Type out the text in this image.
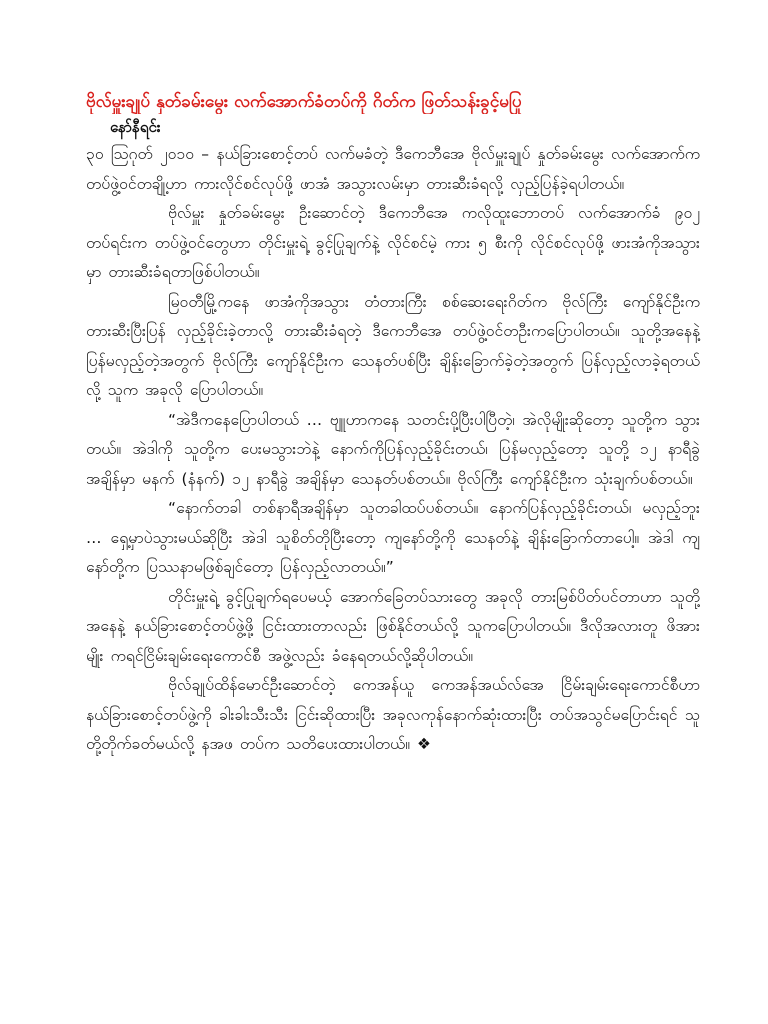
ဗိုလ်မှူးချုပ် နှတ်ခမ်းမွေး လက်အောက်ခံတပ်ကို ဂိတ်က ဖြတ်သန်းခွင့်မပြု
နော်နီရင်း

၃၀ ဩဂုတ် ၂၀၁၀ – နယ်ခြားစောင့်တပ် လက်မခံတဲ့ ဒီကေဘီအေ ဗိုလ်မှူးချုပ် နှုတ်ခမ်းမွေး လက်အောက်က တပ်ဖွဲ့ဝင်တချို့ဟာ ကားလိုင်စင်လုပ်ဖို့ ဖာအံ အသွားလမ်းမှာ တားဆီးခံရလို့ လှည့်ပြန်ခဲ့ရပါတယ်။

ဗိုလ်မှူး နှုတ်ခမ်းမွေး ဦးဆောင်တဲ့ ဒီကေဘီအေ ကလိုထူးဘောတပ် လက်အောက်ခံ ၉၀၂ တပ်ရင်းက တပ်ဖွဲ့ဝင်တွေဟာ တိုင်းမှူးရဲ့ ခွင့်ပြုချက်နဲ့ လိုင်စင်မဲ့ ကား ၅ စီးကို လိုင်စင်လုပ်ဖို့ ဖားအံကိုအသွားမှာ တားဆီးခံရတာဖြစ်ပါတယ်။

မြဝတီမြို့ကနေ ဖာအံကိုအသွား တံတားကြီး စစ်ဆေးရေးဂိတ်က ဗိုလ်ကြီး ကျော်နိုင်ဦးက တားဆီးပြီးပြန် လှည့်ခိုင်းခဲ့တာလို့ တားဆီးခံရတဲ့ ဒီကေဘီအေ တပ်ဖွဲ့ဝင်တဦးကပြောပါတယ်။ သူတို့အနေနဲ့ ပြန်မလှည့်တဲ့အတွက် ဗိုလ်ကြီး ကျော်နိုင်ဦးက သေနတ်ပစ်ပြီး ချိန်းခြောက်ခဲ့တဲ့အတွက် ပြန်လှည့်လာခဲ့ရတယ်လို့ သူက အခုလို ပြောပါတယ်။

“အဲဒီကနေပြောပါတယ် … ဗျူဟာကနေ သတင်းပို့ပြီးပါပြီတဲ့၊ အဲလိုမျိုးဆိုတော့ သူတို့က သွားတယ်။ အဲဒါကို သူတို့က ပေးမသွားဘဲနဲ့ နောက်ကိုပြန်လှည့်ခိုင်းတယ်၊ ပြန်မလှည့်တော့ သူတို့ ၁၂ နာရီခွဲ အချိန်မှာ မနက် (နံနက်) ၁၂ နာရီခွဲ အချိန်မှာ သေနတ်ပစ်တယ်။ ဗိုလ်ကြီး ကျော်နိုင်ဦးက သုံးချက်ပစ်တယ်။

“နောက်တခါ တစ်နာရီအချိန်မှာ သူတခါထပ်ပစ်တယ်။ နောက်ပြန်လှည့်ခိုင်းတယ်၊ မလှည့်ဘူး … ရှေ့မှာပဲသွားမယ်ဆိုပြီး အဲဒါ သူစိတ်တိုပြီးတော့ ကျနော်တို့ကို သေနတ်နဲ့ ချိန်းခြောက်တာပေါ့။ အဲဒါ ကျနော်တို့က ပြဿနာမဖြစ်ချင်တော့ ပြန်လှည့်လာတယ်။”

တိုင်းမှူးရဲ့ ခွင့်ပြုချက်ရပေမယ့် အောက်ခြေတပ်သားတွေ အခုလို တားမြစ်ပိတ်ပင်တာဟာ သူတို့အနေနဲ့ နယ်ခြားစောင့်တပ်ဖွဲ့ဖို့ ငြင်းထားတာလည်း ဖြစ်နိုင်တယ်လို့ သူကပြောပါတယ်။ ဒီလိုအလားတူ ဖိအားမျိုး ကရင်ငြိမ်းချမ်းရေးကောင်စီ အဖွဲ့လည်း ခံနေရတယ်လို့ဆိုပါတယ်။

ဗိုလ်ချုပ်ထိန်မောင်ဦးဆောင်တဲ့ ကေအန်ယူ ကေအန်အယ်လ်အေ ငြိမ်းချမ်းရေးကောင်စီဟာ နယ်ခြားစောင့်တပ်ဖွဲ့ကို ခါးခါးသီးသီး ငြင်းဆိုထားပြီး အခုလကုန်နောက်ဆုံးထားပြီး တပ်အသွင်မပြောင်းရင် သူတို့တိုက်ခတ်မယ်လို့ နအဖ တပ်က သတိပေးထားပါတယ်။ ❖
